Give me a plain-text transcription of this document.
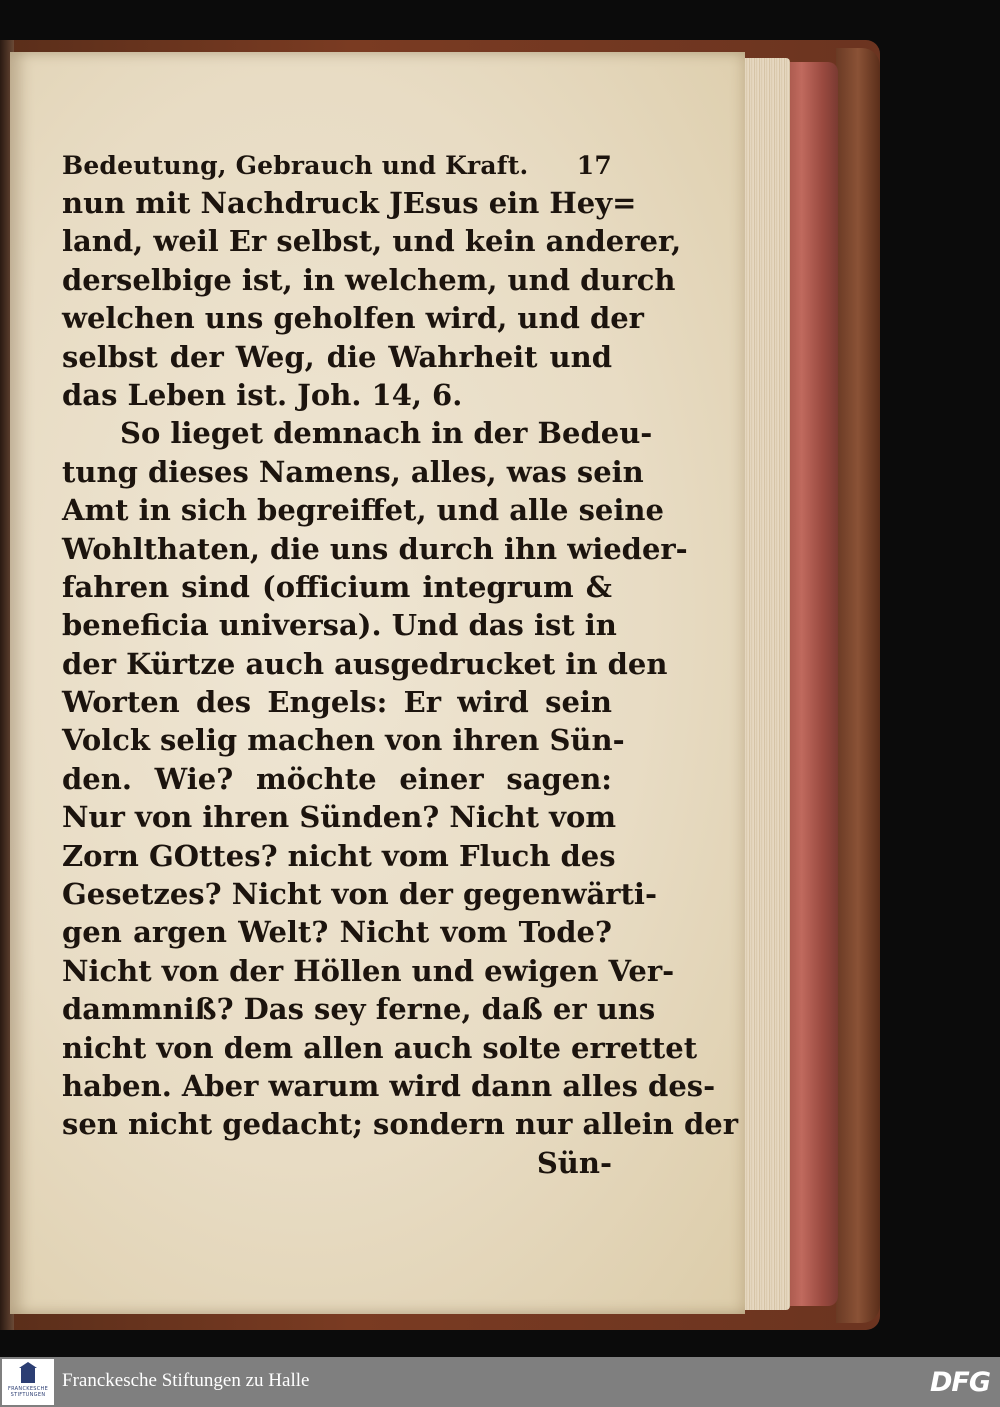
Bedeutung, Gebrauch und Kraft. 17
nun mit Nachdruck JEsus ein Hey=
land, weil Er selbst, und kein anderer,
derselbige ist, in welchem, und durch
welchen uns geholfen wird, und der
selbst der Weg, die Wahrheit und
das Leben ist. Joh. 14, 6.
So lieget demnach in der Bedeu-
tung dieses Namens, alles, was sein
Amt in sich begreiffet, und alle seine
Wohlthaten, die uns durch ihn wieder-
fahren sind (officium integrum &
beneficia universa). Und das ist in
der Kürtze auch ausgedrucket in den
Worten des Engels: Er wird sein
Volck selig machen von ihren Sün-
den. Wie? möchte einer sagen:
Nur von ihren Sünden? Nicht vom
Zorn GOttes? nicht vom Fluch des
Gesetzes? Nicht von der gegenwärti-
gen argen Welt? Nicht vom Tode?
Nicht von der Höllen und ewigen Ver-
dammniß? Das sey ferne, daß er uns
nicht von dem allen auch solte errettet
haben. Aber warum wird dann alles des-
sen nicht gedacht; sondern nur allein der
Sün-
FRANCKESCHE STIFTUNGEN
Franckesche Stiftungen zu Halle	DFG
